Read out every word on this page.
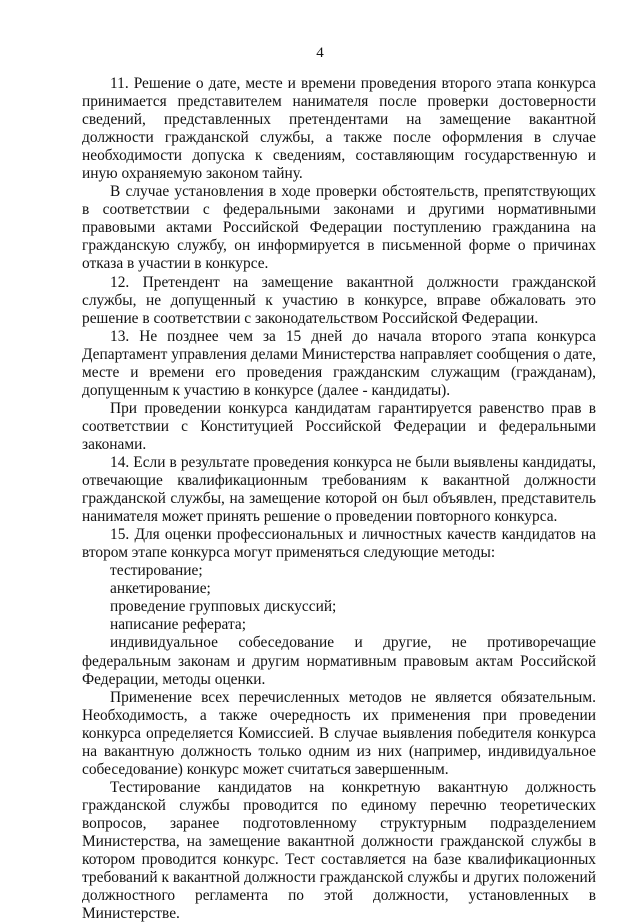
4

11. Решение о дате, месте и времени проведения второго этапа конкурса принимается представителем нанимателя после проверки достоверности сведений, представленных претендентами на замещение вакантной должности гражданской службы, а также после оформления в случае необходимости допуска к сведениям, составляющим государственную и иную охраняемую законом тайну.

В случае установления в ходе проверки обстоятельств, препятствующих в соответствии с федеральными законами и другими нормативными правовыми актами Российской Федерации поступлению гражданина на гражданскую службу, он информируется в письменной форме о причинах отказа в участии в конкурсе.

12. Претендент на замещение вакантной должности гражданской службы, не допущенный к участию в конкурсе, вправе обжаловать это решение в соответствии с законодательством Российской Федерации.

13. Не позднее чем за 15 дней до начала второго этапа конкурса Департамент управления делами Министерства направляет сообщения о дате, месте и времени его проведения гражданским служащим (гражданам), допущенным к участию в конкурсе (далее - кандидаты).

При проведении конкурса кандидатам гарантируется равенство прав в соответствии с Конституцией Российской Федерации и федеральными законами.

14. Если в результате проведения конкурса не были выявлены кандидаты, отвечающие квалификационным требованиям к вакантной должности гражданской службы, на замещение которой он был объявлен, представитель нанимателя может принять решение о проведении повторного конкурса.

15. Для оценки профессиональных и личностных качеств кандидатов на втором этапе конкурса могут применяться следующие методы:

тестирование;

анкетирование;

проведение групповых дискуссий;

написание реферата;

индивидуальное собеседование и другие, не противоречащие федеральным законам и другим нормативным правовым актам Российской Федерации, методы оценки.

Применение всех перечисленных методов не является обязательным. Необходимость, а также очередность их применения при проведении конкурса определяется Комиссией. В случае выявления победителя конкурса на вакантную должность только одним из них (например, индивидуальное собеседование) конкурс может считаться завершенным.

Тестирование кандидатов на конкретную вакантную должность гражданской службы проводится по единому перечню теоретических вопросов, заранее подготовленному структурным подразделением Министерства, на замещение вакантной должности гражданской службы в котором проводится конкурс. Тест составляется на базе квалификационных требований к вакантной должности гражданской службы и других положений должностного регламента по этой должности, установленных в Министерстве.
